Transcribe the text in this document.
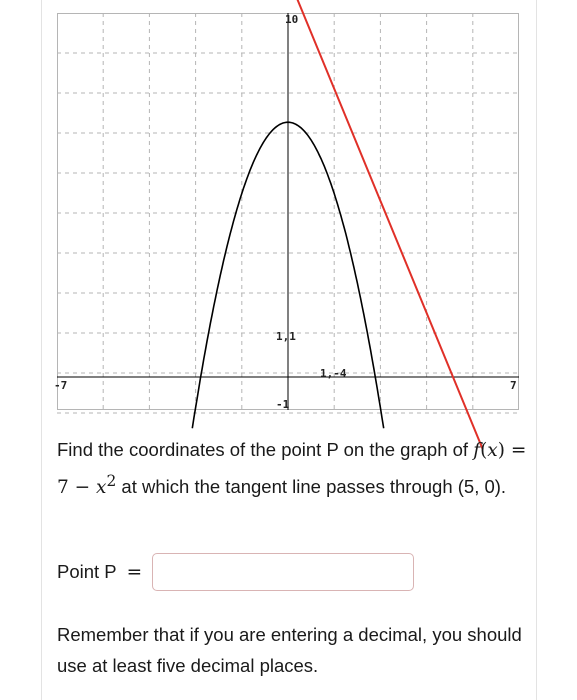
10
-7	7
-1
1,1
1,-4
Find the coordinates of the point P on the graph of $f(x) = 7 - x^2$ at which the tangent line passes through (5, 0).
Point P =
Remember that if you are entering a decimal, you should use at least five decimal places.
